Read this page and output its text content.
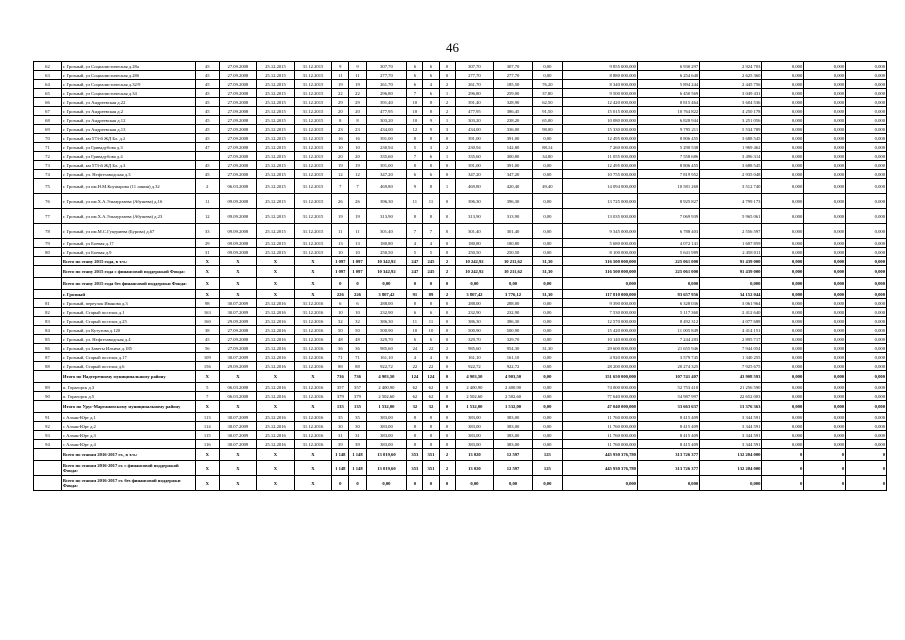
46
62	г. Грозный, ул Социалистическая д.28а	45	27.09.2008	25.12.2015	31.12.2015	9	9	307,70	6	6	0	307,70	307,70	0,00	9 855 000,000	6 930 297	2 924 703	0,000	0,000	0,000
63	г. Грозный, ул Социалистическая д.28б	45	27.09.2008	25.12.2015	31.12.2015	11	11	277,70	6	6	0	277,70	277,70	0,00	8 880 000,000	6 254 640	2 625 360	0,000	0,000	0,000
64	г. Грозный, ул Социалистическая д.32/9	45	27.09.2008	25.12.2015	31.12.2015	19	19	261,70	6	4	2	261,70	185,50	76,20	8 340 000,000	5 894 244	2 445 756	0,000	0,000	0,000
65	г. Грозный, ул Социалистическая д.34	45	27.09.2008	25.12.2015	31.12.2015	22	22	296,80	7	6	1	296,80	259,00	37,80	9 500 000,000	6 450 569	3 049 431	0,000	0,000	0,000
66	г. Грозный, ул Андреевская д.22	45	27.09.2008	25.12.2015	31.12.2015	29	29	391,40	10	8	2	391,40	328,90	62,50	12 420 000,000	8 815 464	3 604 536	0,000	0,000	0,000
67	г. Грозный, ул Андреевская д.2	45	27.09.2008	25.12.2015	31.12.2015	20	20	477,95	10	8	2	477,95	386,45	91,50	15 015 000,000	10 764 822	4 250 178	0,000	0,000	0,000
68	г. Грозный, ул Андреевская д.12	45	27.09.2008	25.12.2015	31.12.2015	8	8	303,20	10	9	1	303,20	238,20	65,00	10 080 000,000	6 828 944	3 251 056	0,000	0,000	0,000
69	г. Грозный, ул Андреевская д.13	45	27.09.2008	25.12.2015	31.12.2015	23	23	434,00	12	9	3	434,00	336,00	98,00	15 330 000,000	9 795 211	5 534 789	0,000	0,000	0,000
70	г. Грозный, км 573-й ЖД Бл. д.2	45	27.09.2008	25.12.2015	31.12.2015	16	16	391,00	8	8	0	391,00	391,00	0,00	12 495 000,000	8 806 455	3 688 545	0,000	0,000	0,000
71	г. Грозный, ул Гривадубова д.3	47	27.09.2008	25.12.2015	31.12.2015	10	10	230,94	5	3	2	230,94	142,80	88,14	7 260 000,000	5 290 538	1 969 462	0,000	0,000	0,000
72	г. Грозный, ул Гривадубова д.4		27.09.2008	25.12.2015	31.12.2015	20	20	335,60	7	6	1	335,60	300,80	34,80	11 055 000,000	7 558 686	3 496 314	0,000	0,000	0,000
73	г. Грозный, км 573-й ЖД Бл. д.3	45	27.09.2008	25.12.2015	31.12.2015	19	19	391,00	8	8	0	391,00	391,00	0,00	12 495 000,000	8 806 455	3 688 545	0,000	0,000	0,000
74	г. Грозный, ул. Нефтезаводская д.3	45	27.09.2008	25.12.2015	31.12.2015	12	12	347,20	6	6	0	347,20	347,20	0,00	10 755 000,000	7 819 952	2 935 048	0,000	0,000	0,000
75	г. Грозный, ул им.Н.М.Коушарова (11 линия) д.32	2	06.03.2008	25.12.2015	31.12.2015	7	7	469,80	9	8	1	469,80	420,40	49,40	14 094 000,000	10 581 260	3 512 740	0,000	0,000	0,000
76	г. Грозный, ул им.Х.А.Эльмурзаева (Абушева) д.16	11	09.09.2008	25.12.2015	31.12.2015	26	26	396,30	11	11	0	396,30	396,30	0,00	13 725 000,000	8 925 827	4 799 173	0,000	0,000	0,000
77	г. Грозный, ул им.Х.А.Эльмурзаева (Абушева) д.23	12	09.09.2008	25.12.2015	31.12.2015	19	19	313,90	8	8	0	313,90	313,90	0,00	13 035 000,000	7 069 939	5 965 061	0,000	0,000	0,000
78	г. Грозный, ул им.М.С.Гуцериева (Бурова) д.67	33	09.09.2008	25.12.2015	31.12.2015	11	11	301,40	7	7	0	301,40	301,40	0,00	9 345 000,000	6 788 403	2 556 597	0,000	0,000	0,000
79	г. Грозный, ул Боевая д.17	29	09.09.2008	25.12.2015	31.12.2015	13	13	180,80	4	4	0	180,80	180,80	0,00	5 680 000,000	4 072 141	1 607 859	0,000	0,000	0,000
80	г. Грозный, ул Боевая д.9	31	09.09.2008	25.12.2015	31.12.2015	10	10	250,50	5	5	0	250,50	250,50	0,00	8 100 000,000	5 641 989	2 458 011	0,000	0,000	0,000
	Всего по этапу 2015 года, в т.ч.:	X	X	X	X	1 097	1 097	10 342,92	247	245	2	10 242,92	10 211,62	31,30	316 500 000,000	225 061 000	91 439 000	0,000	0,000	0,000
	Всего по этапу 2015 года с финансовой поддержкой Фонда:	X	X	X	X	1 097	1 097	10 342,92	247	245	2	10 242,92	10 211,62	31,30	316 500 000,000	225 061 000	91 439 000	0,000	0,000	0,000
	Всего по этапу 2015 года без финансовой поддержки Фонда:	X	X	X	X	0	0	0,00	0	0	0	0,00	0,00	0,00	0,000	0,000	0,000	0,000	0,000	0,000
	г. Грозный	X	X	X	X	226	226	3 807,42	91	89	2	3 807,42	3 776,12	31,30	117 810 000,000	83 657 956	34 152 044	0,000	0,000	0,000
81	г. Грозный, переулок Иванова д.3	98	30.07.2009	25.12.2016	31.12.2016	6	6	288,00	8	8	0	288,00	288,00	0,00	9 390 000,000	6 328 036	3 061 964	0,000	0,000	0,000
82	г. Грозный, Старый поселок д.1	163	30.07.2009	25.12.2016	31.12.2016	10	10	232,90	6	6	0	232,90	232,90	0,00	7 530 000,000	5 117 360	2 412 640	0,000	0,000	0,000
83	г. Грозный, Старый поселок д.25	160	29.09.2009	25.12.2016	31.12.2016	32	32	386,30	11	11	0	386,30	386,30	0,00	12 570 000,000	8 492 312	4 077 688	0,000	0,000	0,000
84	г. Грозный, ул Кутузова д.120	38	27.09.2008	25.12.2016	31.12.2016	50	50	500,90	10	10	0	500,90	500,90	0,00	15 420 000,000	11 005 849	4 414 151	0,000	0,000	0,000
85	г. Грозный, ул. Нефтезаводская д.4	45	27.09.2008	25.12.2016	31.12.2016	48	48	329,70	6	6	0	329,70	329,70	0,00	10 140 000,000	7 244 283	2 895 717	0,000	0,000	0,000
86	г. Грозный, ул Заветы Ильича д.185	56	27.09.2008	25.12.2016	31.12.2016	36	36	985,60	24	22	2	985,60	954,30	31,30	29 600 000,000	21 655 946	7 944 054	0,000	0,000	0,000
87	г. Грозный, Старый поселок д.17	109	30.07.2009	25.12.2016	31.12.2016	71	71	161,10	4	4	0	161,10	161,10	0,00	4 920 000,000	3 579 745	1 340 255	0,000	0,000	0,000
88	г. Грозный, Старый поселок д.6	156	29.09.2009	25.12.2016	31.12.2016	88	88	922,72	22	22	0	922,72	922,72	0,00	28 200 000,000	20 274 325	7 925 675	0,000	0,000	0,000
	Итого по Надтеречному муниципальному району	X	X	X	X	736	736	4 903,50	124	124	0	4 903,50	4 903,50	0,00	151 650 000,000	107 741 407	43 908 593	0,000	0,000	0,000
89	п. Горагорск д.3	5	06.03.2008	25.12.2016	31.12.2016	357	357	2 400,90	62	62	0	2 400,90	2 400,90	0,00	74 000 000,000	52 753 410	21 256 590	0,000	0,000	0,000
90	п. Горагорск д.5	7	06.03.2008	25.12.2016	31.12.2016	379	379	2 502,60	62	62	0	2 502,60	2 502,60	0,00	77 640 000,000	54 987 997	22 652 003	0,000	0,000	0,000
	Итого по Урус-Мартановскому муниципальному району	X	X	X	X	135	135	1 532,00	32	32	0	1 532,00	1 532,00	0,00	47 040 000,000	33 663 637	13 376 363	0,000	0,000	0,000
91	с Алхан-Юрт д.1	113	30.07.2009	25.12.2016	31.12.2016	35	35	383,00	8	8	0	383,00	383,00	0,00	11 760 000,000	8 415 409	3 344 591	0,000	0,000	0,000
92	с Алхан-Юрт д.2	114	30.07.2009	25.12.2016	31.12.2016	30	30	383,00	8	8	0	383,00	383,00	0,00	11 760 000,000	8 415 409	3 344 591	0,000	0,000	0,000
93	с Алхан-Юрт д.3	115	30.07.2009	25.12.2016	31.12.2016	31	31	383,00	8	8	0	383,00	383,00	0,00	11 760 000,000	8 415 409	3 344 591	0,000	0,000	0,000
94	с Алхан-Юрт д.4	116	30.07.2009	25.12.2016	31.12.2016	39	39	383,00	8	8	0	383,00	383,00	0,00	11 760 000,000	8 415 409	3 344 591	0,000	0,000	0,000
	Всего по этапам 2016-2017 гг., в т.ч.:	X	X	X	X	1 148	1 148	13 019,60	353	351	2	13 020	12 597	125	445 930 376,780	313 726 377	132 204 000	0	0	0
	Всего по этапам 2016-2017 гг. с финансовой поддержкой Фонда:	X	X	X	X	1 148	1 148	13 019,60	353	351	2	13 020	12 597	125	445 930 376,780	313 726 377	132 204 000	0	0	0
	Всего по этапам 2016-2017 гг. без финансовой поддержки Фонда:	X	X	X	X	0	0	0,00	0	0	0	0,00	0,00	0,00	0,000	0,000	0,000	0	0	0
